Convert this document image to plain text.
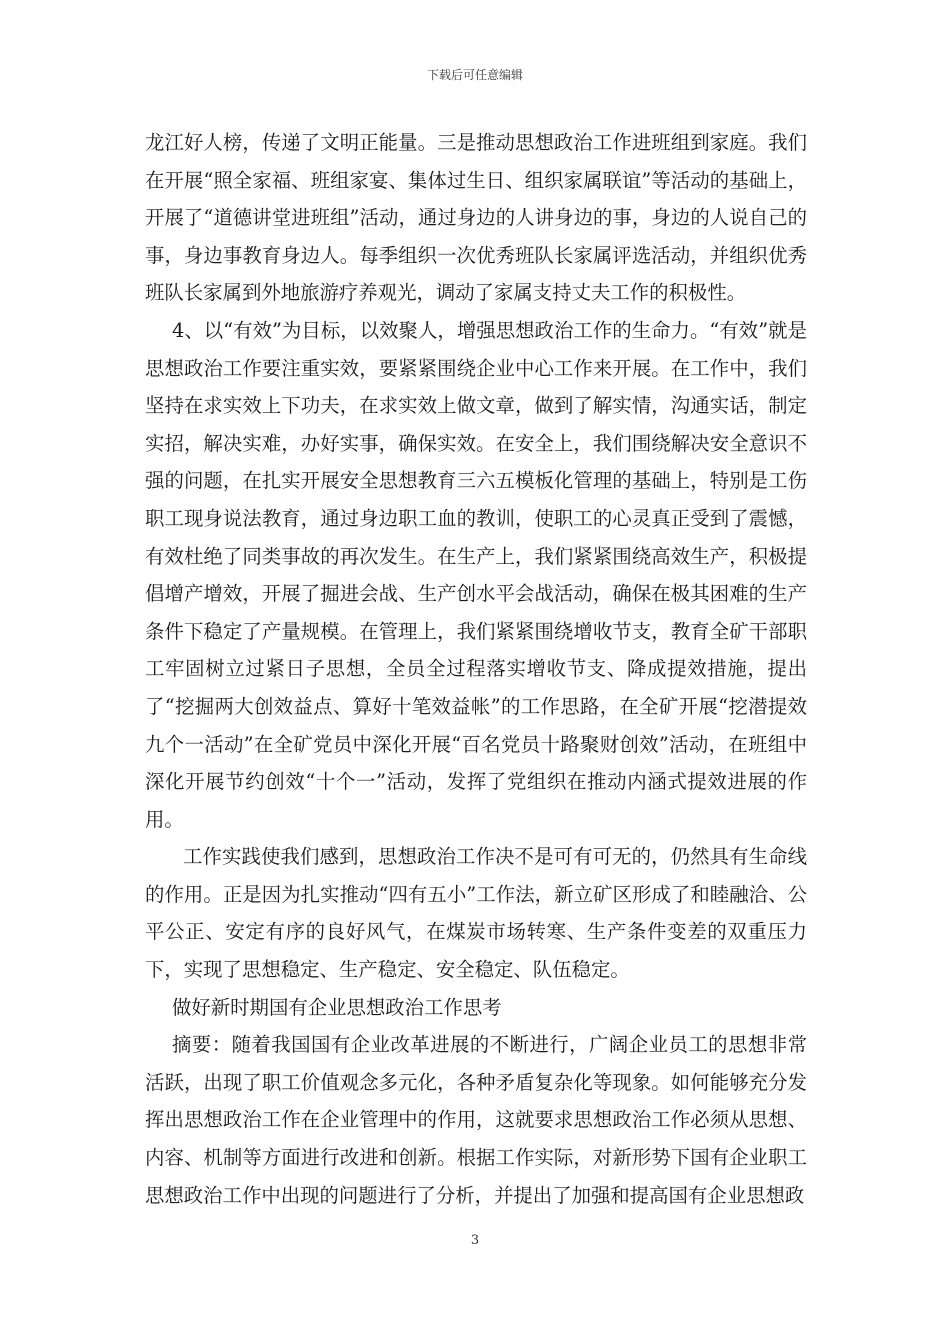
下载后可任意编辑

龙江好人榜，传递了文明正能量。三是推动思想政治工作进班组到家庭。我们在开展“照全家福、班组家宴、集体过生日、组织家属联谊”等活动的基础上，开展了“道德讲堂进班组”活动，通过身边的人讲身边的事，身边的人说自己的事，身边事教育身边人。每季组织一次优秀班队长家属评选活动，并组织优秀班队长家属到外地旅游疗养观光，调动了家属支持丈夫工作的积极性。

4、以“有效”为目标，以效聚人，增强思想政治工作的生命力。“有效”就是思想政治工作要注重实效，要紧紧围绕企业中心工作来开展。在工作中，我们坚持在求实效上下功夫，在求实效上做文章，做到了解实情，沟通实话，制定实招，解决实难，办好实事，确保实效。在安全上，我们围绕解决安全意识不强的问题，在扎实开展安全思想教育三六五模板化管理的基础上，特别是工伤职工现身说法教育，通过身边职工血的教训，使职工的心灵真正受到了震憾，有效杜绝了同类事故的再次发生。在生产上，我们紧紧围绕高效生产，积极提倡增产增效，开展了掘进会战、生产创水平会战活动，确保在极其困难的生产条件下稳定了产量规模。在管理上，我们紧紧围绕增收节支，教育全矿干部职工牢固树立过紧日子思想，全员全过程落实增收节支、降成提效措施，提出了“挖掘两大创效益点、算好十笔效益帐”的工作思路，在全矿开展“挖潜提效九个一活动”在全矿党员中深化开展“百名党员十路聚财创效”活动，在班组中深化开展节约创效“十个一”活动，发挥了党组织在推动内涵式提效进展的作用。

工作实践使我们感到，思想政治工作决不是可有可无的，仍然具有生命线的作用。正是因为扎实推动“四有五小”工作法，新立矿区形成了和睦融洽、公平公正、安定有序的良好风气，在煤炭市场转寒、生产条件变差的双重压力下，实现了思想稳定、生产稳定、安全稳定、队伍稳定。

做好新时期国有企业思想政治工作思考

摘要：随着我国国有企业改革进展的不断进行，广阔企业员工的思想非常活跃，出现了职工价值观念多元化，各种矛盾复杂化等现象。如何能够充分发挥出思想政治工作在企业管理中的作用，这就要求思想政治工作必须从思想、内容、机制等方面进行改进和创新。根据工作实际，对新形势下国有企业职工思想政治工作中出现的问题进行了分析，并提出了加强和提高国有企业思想政

3
